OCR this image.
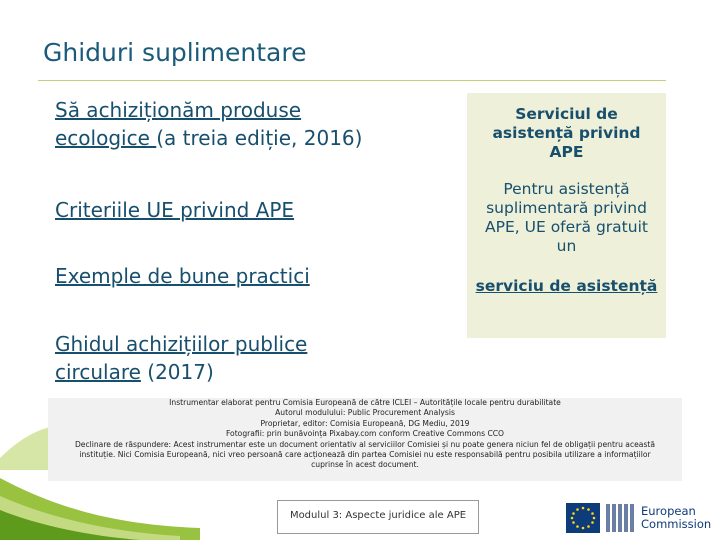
Ghiduri suplimentare
Să achiziționăm produse
ecologice (a treia ediție, 2016)
Criteriile UE privind APE
Exemple de bune practici
Ghidul achizițiilor publice
circulare (2017)
Serviciul de asistență privind APE
Pentru asistență suplimentară privind APE, UE oferă gratuit un
serviciu de asistență
Instrumentar elaborat pentru Comisia Europeană de către ICLEI – Autoritățile locale pentru durabilitate
Autorul modulului: Public Procurement Analysis
Proprietar, editor: Comisia Europeană, DG Mediu, 2019
Fotografii: prin bunăvoința Pixabay.com conform Creative Commons CCO
Declinare de răspundere: Acest instrumentar este un document orientativ al serviciilor Comisiei și nu poate genera niciun fel de obligații pentru această instituție. Nici Comisia Europeană, nici vreo persoană care acționează din partea Comisiei nu este responsabilă pentru posibila utilizare a informațiilor cuprinse în acest document.
Modulul 3: Aspecte juridice ale APE	European
Commission
